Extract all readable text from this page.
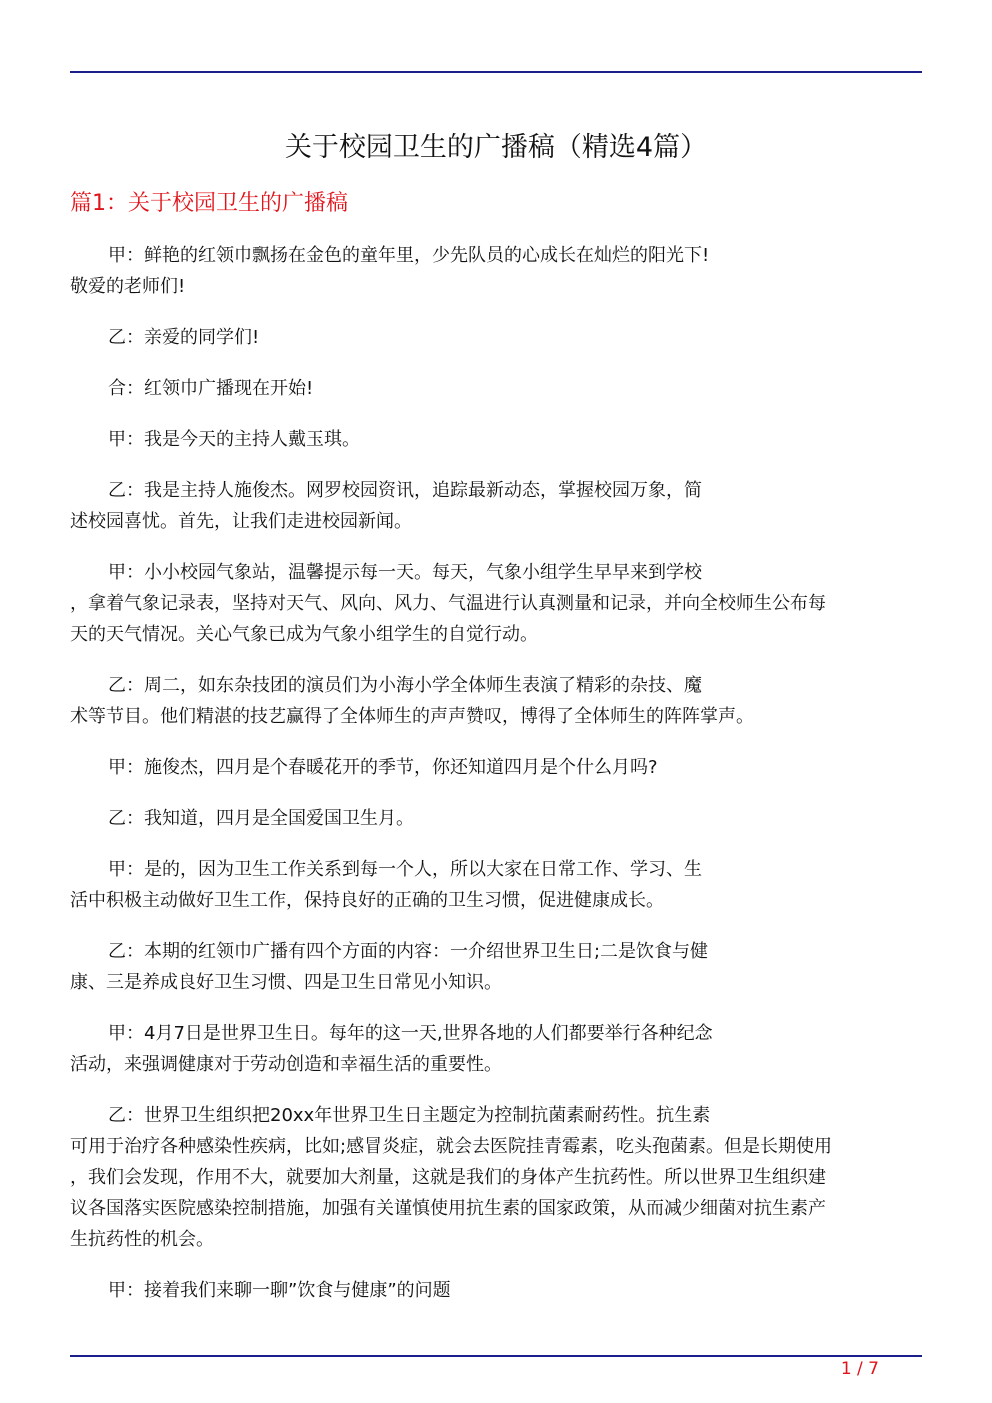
关于校园卫生的广播稿（精选4篇）
篇1：关于校园卫生的广播稿
甲：鲜艳的红领巾飘扬在金色的童年里，少先队员的心成长在灿烂的阳光下!
敬爱的老师们!
乙：亲爱的同学们!
合：红领巾广播现在开始!
甲：我是今天的主持人戴玉琪。
乙：我是主持人施俊杰。网罗校园资讯，追踪最新动态，掌握校园万象，简
述校园喜忧。首先，让我们走进校园新闻。
甲：小小校园气象站，温馨提示每一天。每天，气象小组学生早早来到学校
，拿着气象记录表，坚持对天气、风向、风力、气温进行认真测量和记录，并向全校师生公布每
天的天气情况。关心气象已成为气象小组学生的自觉行动。
乙：周二，如东杂技团的演员们为小海小学全体师生表演了精彩的杂技、魔
术等节目。他们精湛的技艺赢得了全体师生的声声赞叹，博得了全体师生的阵阵掌声。
甲：施俊杰，四月是个春暖花开的季节，你还知道四月是个什么月吗?
乙：我知道，四月是全国爱国卫生月。
甲：是的，因为卫生工作关系到每一个人，所以大家在日常工作、学习、生
活中积极主动做好卫生工作，保持良好的正确的卫生习惯，促进健康成长。
乙：本期的红领巾广播有四个方面的内容：一介绍世界卫生日;二是饮食与健
康、三是养成良好卫生习惯、四是卫生日常见小知识。
甲：4月7日是世界卫生日。每年的这一天,世界各地的人们都要举行各种纪念
活动，来强调健康对于劳动创造和幸福生活的重要性。
乙：世界卫生组织把20xx年世界卫生日主题定为控制抗菌素耐药性。抗生素
可用于治疗各种感染性疾病，比如;感冒炎症，就会去医院挂青霉素，吃头孢菌素。但是长期使用
，我们会发现，作用不大，就要加大剂量，这就是我们的身体产生抗药性。所以世界卫生组织建
议各国落实医院感染控制措施，加强有关谨慎使用抗生素的国家政策，从而减少细菌对抗生素产
生抗药性的机会。
甲：接着我们来聊一聊”饮食与健康”的问题
1 / 7
